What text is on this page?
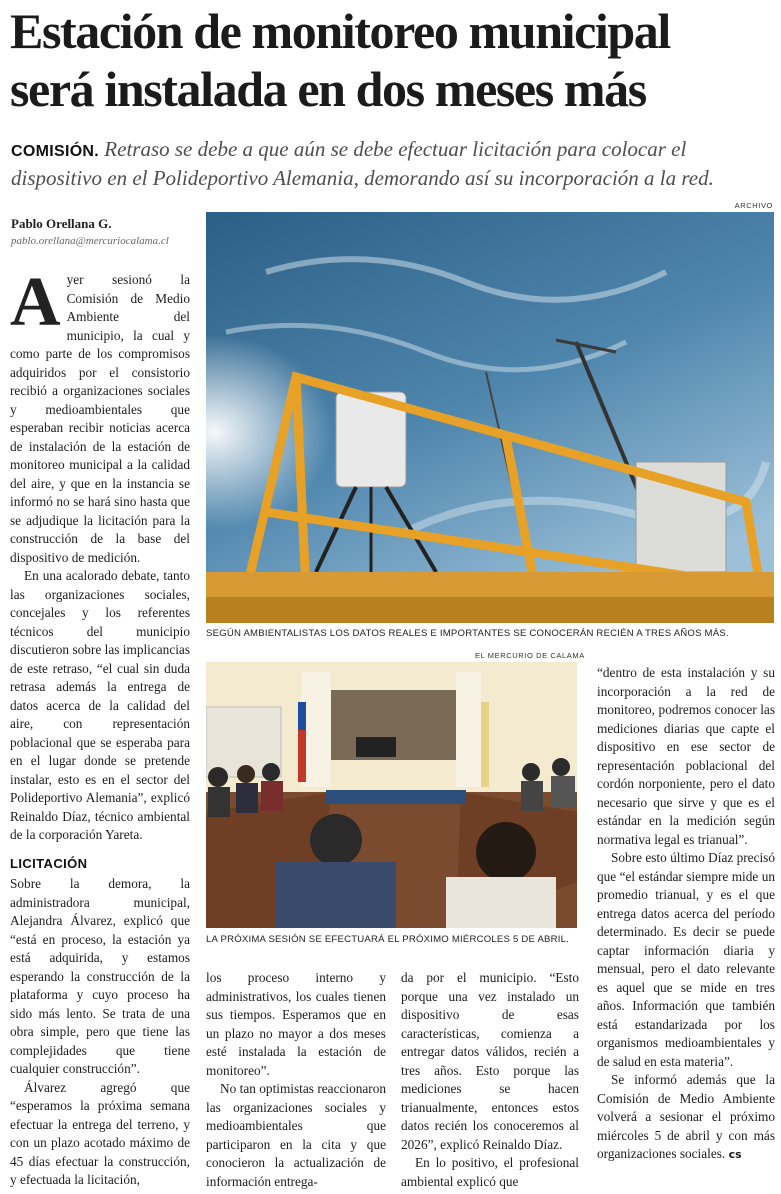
Estación de monitoreo municipal
será instalada en dos meses más
COMISIÓN. Retraso se debe a que aún se debe efectuar licitación para colocar el dispositivo en el Polideportivo Alemania, demorando así su incorporación a la red.
Pablo Orellana G.
pablo.orellana@mercuriocalama.cl
ARCHIVO
SEGÚN AMBIENTALISTAS LOS DATOS REALES E IMPORTANTES SE CONOCERÁN RECIÉN A TRES AÑOS MÁS.
EL MERCURIO DE CALAMA
LA PRÓXIMA SESIÓN SE EFECTUARÁ EL PRÓXIMO MIÉRCOLES 5 DE ABRIL.

Ayer sesionó la Comisión de Medio Ambiente del municipio, la cual y como parte de los compromisos adquiridos por el consistorio recibió a organizaciones sociales y medioambientales que esperaban recibir noticias acerca de instalación de la estación de monitoreo municipal a la calidad del aire, y que en la instancia se informó no se hará sino hasta que se adjudique la licitación para la construcción de la base del dispositivo de medición.

En una acalorado debate, tanto las organizaciones sociales, concejales y los referentes técnicos del municipio discutieron sobre las implicancias de este retraso, “el cual sin duda retrasa además la entrega de datos acerca de la calidad del aire, con representación poblacional que se esperaba para en el lugar donde se pretende instalar, esto es en el sector del Polideportivo Alemania”, explicó Reinaldo Díaz, técnico ambiental de la corporación Yareta.

LICITACIÓN

Sobre la demora, la administradora municipal, Alejandra Álvarez, explicó que “está en proceso, la estación ya está adquirida, y estamos esperando la construcción de la plataforma y cuyo proceso ha sido más lento. Se trata de una obra simple, pero que tiene las complejidades que tiene cualquier construcción”.

Álvarez agregó que “esperamos la próxima semana efectuar la entrega del terreno, y con un plazo acotado máximo de 45 días efectuar la construcción, y efectuada la licitación,

los proceso interno y administrativos, los cuales tienen sus tiempos. Esperamos que en un plazo no mayor a dos meses esté instalada la estación de monitoreo”.

No tan optimistas reaccionaron las organizaciones sociales y medioambientales que participaron en la cita y que conocieron la actualización de información entrega-

da por el municipio. “Esto porque una vez instalado un dispositivo de esas características, comienza a entregar datos válidos, recién a tres años. Esto porque las mediciones se hacen trianualmente, entonces estos datos recién los conoceremos al 2026”, explicó Reinaldo Díaz.

En lo positivo, el profesional ambiental explicó que

“dentro de esta instalación y su incorporación a la red de monitoreo, podremos conocer las mediciones diarias que capte el dispositivo en ese sector de representación poblacional del cordón norponiente, pero el dato necesario que sirve y que es el estándar en la medición según normativa legal es trianual”.

Sobre esto último Díaz precisó que “el estándar siempre mide un promedio trianual, y es el que entrega datos acerca del período determinado. Es decir se puede captar información diaria y mensual, pero el dato relevante es aquel que se mide en tres años. Información que también está estandarizada por los organismos medioambientales y de salud en esta materia”.

Se informó además que la Comisión de Medio Ambiente volverá a sesionar el próximo miércoles 5 de abril y con más organizaciones sociales. cs
